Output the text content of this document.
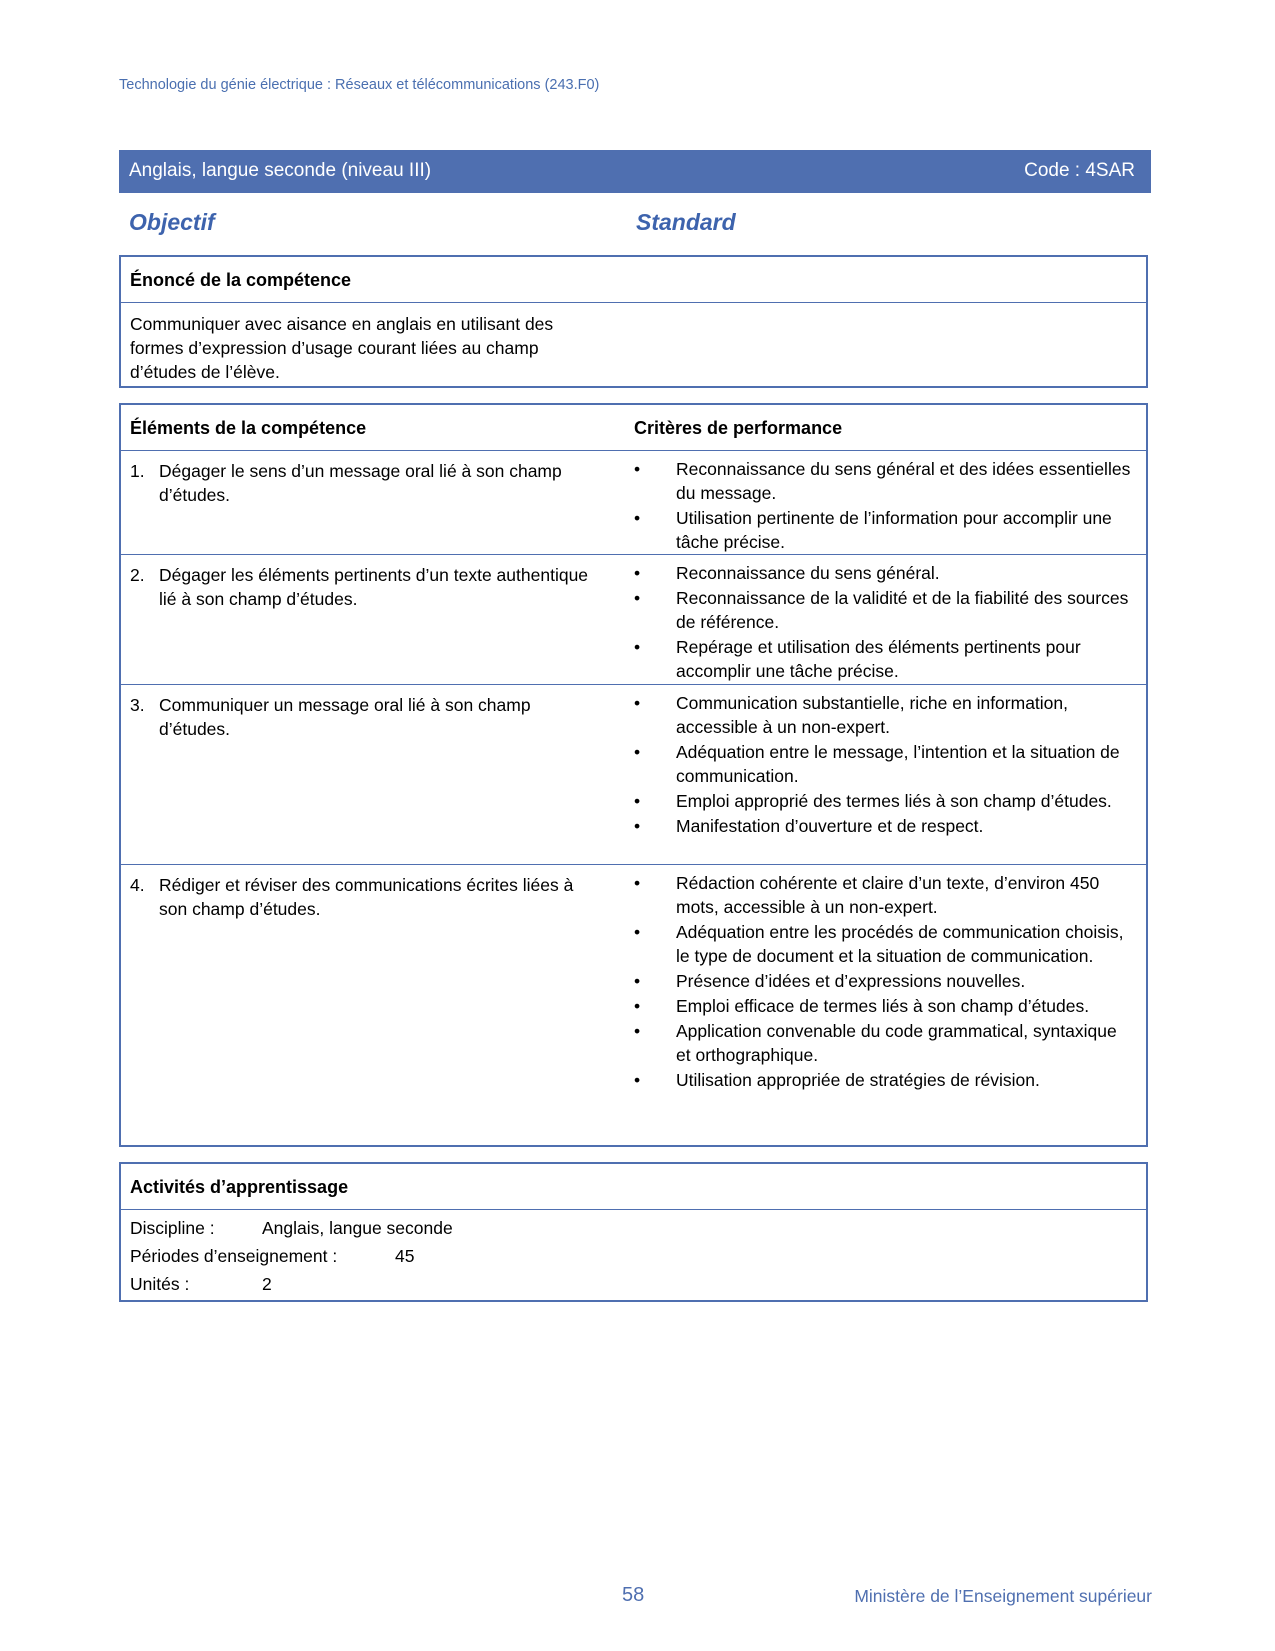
Technologie du génie électrique : Réseaux et télécommunications (243.F0)
Anglais, langue seconde (niveau III)	Code : 4SAR
Objectif	Standard
Énoncé de la compétence
Communiquer avec aisance en anglais en utilisant des formes d’expression d’usage courant liées au champ d’études de l’élève.
Éléments de la compétence	Critères de performance
1. Dégager le sens d’un message oral lié à son champ d’études.
• Reconnaissance du sens général et des idées essentielles du message.
• Utilisation pertinente de l’information pour accomplir une tâche précise.
2. Dégager les éléments pertinents d’un texte authentique lié à son champ d’études.
• Reconnaissance du sens général.
• Reconnaissance de la validité et de la fiabilité des sources de référence.
• Repérage et utilisation des éléments pertinents pour accomplir une tâche précise.
3. Communiquer un message oral lié à son champ d’études.
• Communication substantielle, riche en information, accessible à un non-expert.
• Adéquation entre le message, l’intention et la situation de communication.
• Emploi approprié des termes liés à son champ d’études.
• Manifestation d’ouverture et de respect.
4. Rédiger et réviser des communications écrites liées à son champ d’études.
• Rédaction cohérente et claire d’un texte, d’environ 450 mots, accessible à un non-expert.
• Adéquation entre les procédés de communication choisis, le type de document et la situation de communication.
• Présence d’idées et d’expressions nouvelles.
• Emploi efficace de termes liés à son champ d’études.
• Application convenable du code grammatical, syntaxique et orthographique.
• Utilisation appropriée de stratégies de révision.
Activités d’apprentissage
Discipline :	Anglais, langue seconde
Périodes d’enseignement :	45
Unités :	2
58	Ministère de l’Enseignement supérieur
